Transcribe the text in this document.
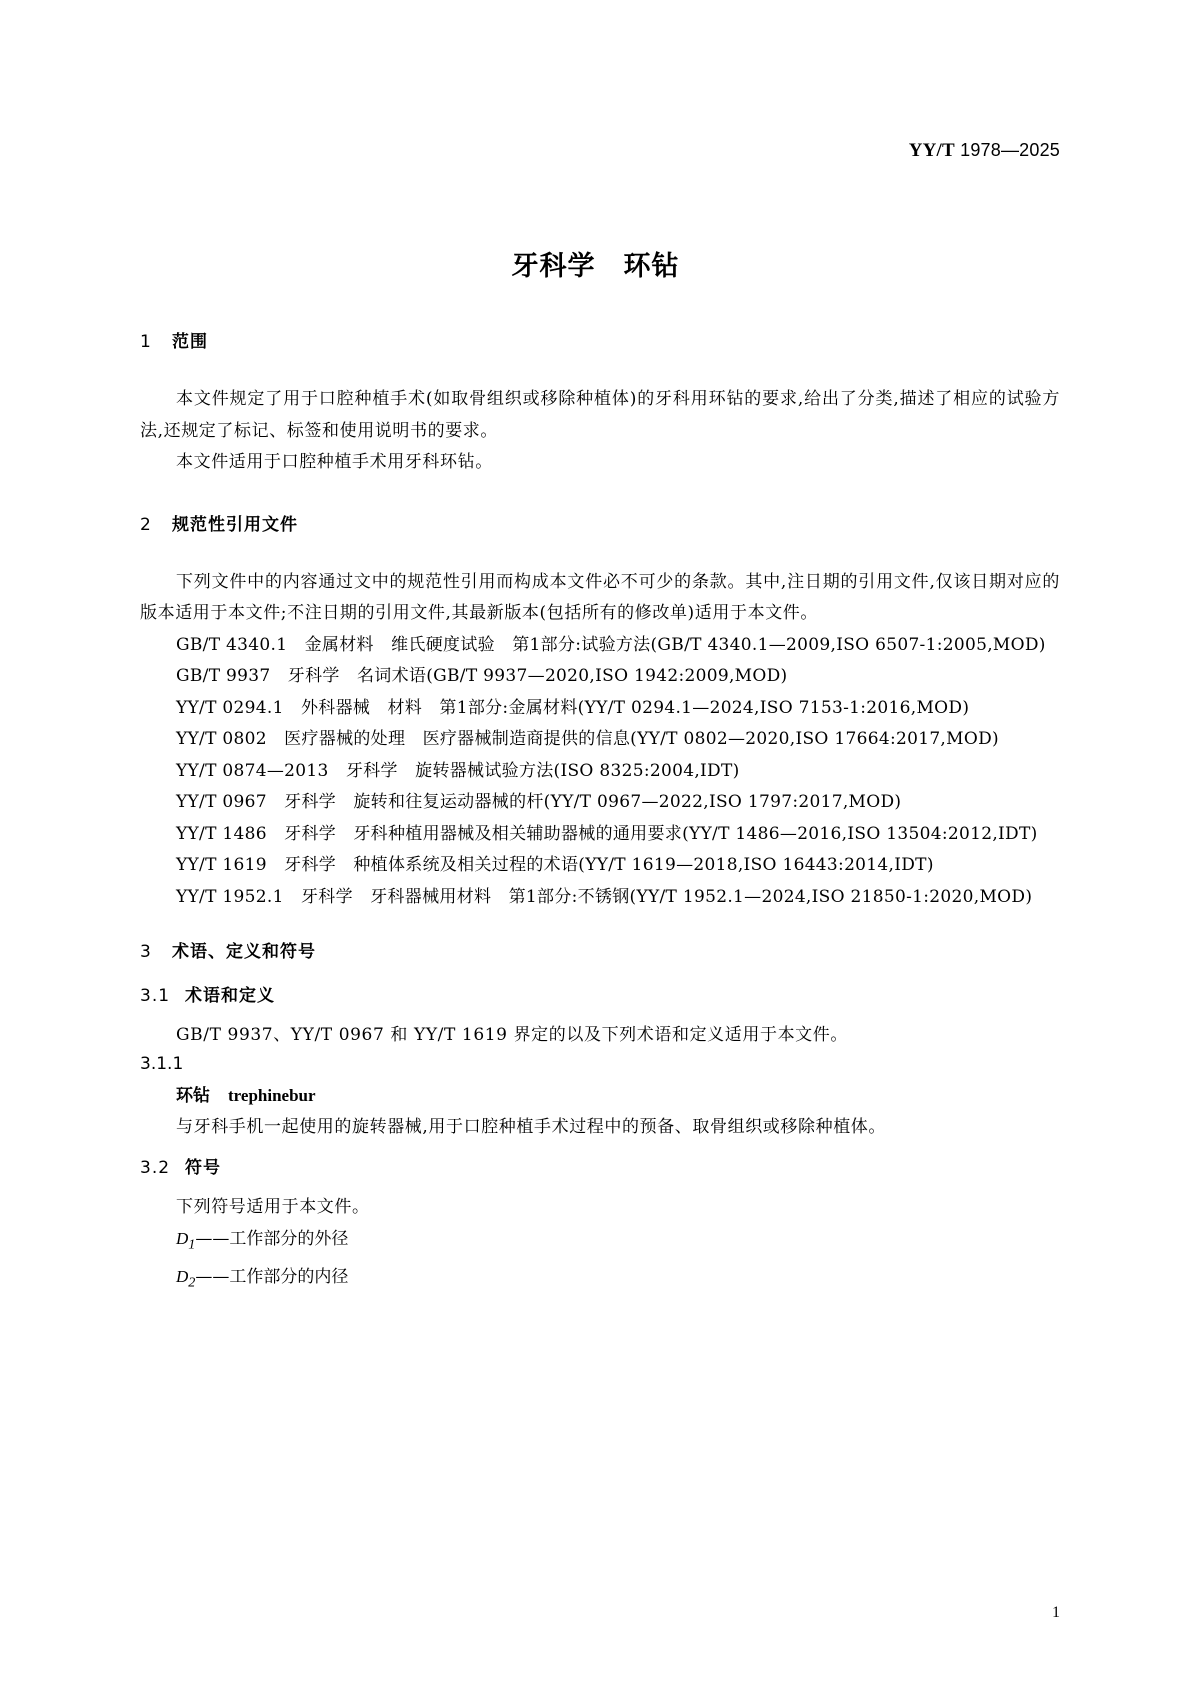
YY/T 1978—2025
牙科学　环钻
1 范围

本文件规定了用于口腔种植手术(如取骨组织或移除种植体)的牙科用环钻的要求,给出了分类,描述了相应的试验方法,还规定了标记、标签和使用说明书的要求。

本文件适用于口腔种植手术用牙科环钻。

2 规范性引用文件

下列文件中的内容通过文中的规范性引用而构成本文件必不可少的条款。其中,注日期的引用文件,仅该日期对应的版本适用于本文件;不注日期的引用文件,其最新版本(包括所有的修改单)适用于本文件。

GB/T 4340.1　金属材料　维氏硬度试验　第1部分:试验方法(GB/T 4340.1—2009,ISO 6507-1:2005,MOD)

GB/T 9937　牙科学　名词术语(GB/T 9937—2020,ISO 1942:2009,MOD)

YY/T 0294.1　外科器械　材料　第1部分:金属材料(YY/T 0294.1—2024,ISO 7153-1:2016,MOD)

YY/T 0802　医疗器械的处理　医疗器械制造商提供的信息(YY/T 0802—2020,ISO 17664:2017,MOD)

YY/T 0874—2013　牙科学　旋转器械试验方法(ISO 8325:2004,IDT)

YY/T 0967　牙科学　旋转和往复运动器械的杆(YY/T 0967—2022,ISO 1797:2017,MOD)

YY/T 1486　牙科学　牙科种植用器械及相关辅助器械的通用要求(YY/T 1486—2016,ISO 13504:2012,IDT)

YY/T 1619　牙科学　种植体系统及相关过程的术语(YY/T 1619—2018,ISO 16443:2014,IDT)

YY/T 1952.1　牙科学　牙科器械用材料　第1部分:不锈钢(YY/T 1952.1—2024,ISO 21850-1:2020,MOD)

3 术语、定义和符号
3.1 术语和定义

GB/T 9937、YY/T 0967 和 YY/T 1619 界定的以及下列术语和定义适用于本文件。

3.1.1

环钻 trephinebur

与牙科手机一起使用的旋转器械,用于口腔种植手术过程中的预备、取骨组织或移除种植体。

3.2 符号

下列符号适用于本文件。

$D_1——$工作部分的外径

$D_2——$工作部分的内径

1
